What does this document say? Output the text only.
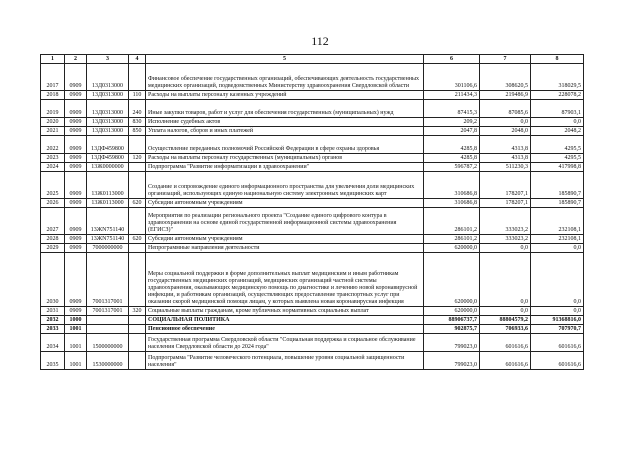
112
1	2	3	4	5	6	7	8
2017	0909	13Д0313000		Финансовое обеспечение государственных организаций, обеспечивающих деятельность государственных медицинских организаций, подведомственных Министерству здравоохранения Свердловской области	301106,6	308620,5	318029,5
2018	0909	13Д0313000	110	Расходы на выплаты персоналу казенных учреждений	211434,3	219486,9	228078,2
2019	0909	13Д0313000	240	Иные закупки товаров, работ и услуг для обеспечения государственных (муниципальных) нужд	87415,3	87085,6	87903,1
2020	0909	13Д0313000	830	Исполнение судебных актов	209,2	0,0	0,0
2021	0909	13Д0313000	850	Уплата налогов, сборов и иных платежей	2047,8	2048,0	2048,2
2022	0909	13ДФ459800		Осуществление переданных полномочий Российской Федерации в сфере охраны здоровья	4285,8	4313,8	4295,5
2023	0909	13ДФ459800	120	Расходы на выплаты персоналу государственных (муниципальных) органов	4285,8	4313,8	4295,5
2024	0909	13Ж0000000		Подпрограмма "Развитие информатизации в здравоохранении"	596787,2	511230,3	417998,8
2025	0909	13Ж0113000		Создание и сопровождение единого информационного пространства для увеличения доли медицинских организаций, использующих единую национальную систему электронных медицинских карт	310686,8	178207,1	185890,7
2026	0909	13Ж0113000	620	Субсидии автономным учреждениям	310686,8	178207,1	185890,7
2027	0909	13ЖN751140		Мероприятия по реализации регионального проекта "Создание единого цифрового контура в здравоохранении на основе единой государственной информационной системы здравоохранения (ЕГИСЗ)"	286101,2	333023,2	232108,1
2028	0909	13ЖN751140	620	Субсидии автономным учреждениям	286101,2	333023,2	232108,1
2029	0909	7000000000		Непрограммные направления деятельности	620000,0	0,0	0,0
2030	0909	7001317001		Меры социальной поддержки в форме дополнительных выплат медицинским и иным работникам государственных медицинских организаций, медицинских организаций частной системы здравоохранения, оказывающих медицинскую помощь по диагностике и лечению новой коронавирусной инфекции, и работникам организаций, осуществляющих предоставление транспортных услуг при оказании скорой медицинской помощи лицам, у которых выявлена новая коронавирусная инфекция	620000,0	0,0	0,0
2031	0909	7001317001	320	Социальные выплаты гражданам, кроме публичных нормативных социальных выплат	620000,0	0,0	0,0
2032	1000			СОЦИАЛЬНАЯ ПОЛИТИКА	88906737,7	88804579,2	91368816,0
2033	1001			Пенсионное обеспечение	902875,7	706933,6	707970,7
2034	1001	1500000000		Государственная программа Свердловской области "Социальная поддержка и социальное обслуживание населения Свердловской области до 2024 года"	799023,0	601616,6	601616,6
2035	1001	1530000000		Подпрограмма "Развитие человеческого потенциала, повышение уровня социальной защищенности населения"	799023,0	601616,6	601616,6
